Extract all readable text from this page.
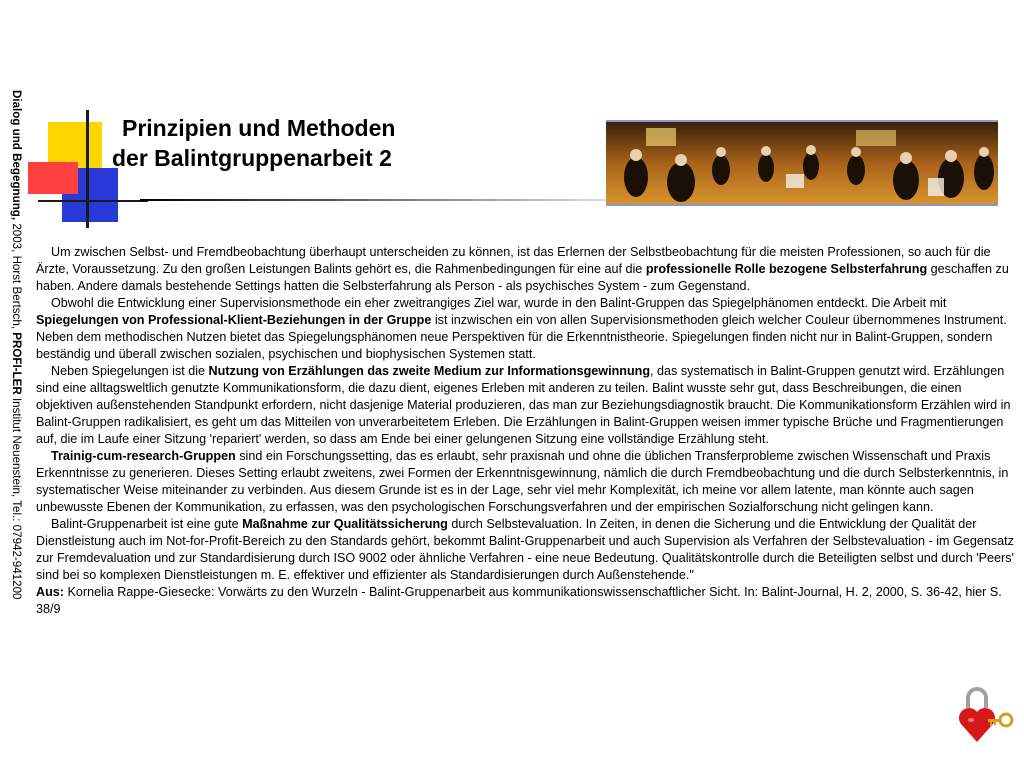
Dialog und Begegnung, 2003, Horst Bertsch, PROFI-LER Institut Neuenstein, Tel.: 07942-941200
Prinzipien und Methoden
der Balintgruppenarbeit 2

Um zwischen Selbst- und Fremdbeobachtung überhaupt unterscheiden zu können, ist das Erlernen der Selbstbeobachtung für die meisten Professionen, so auch für die Ärzte, Voraussetzung. Zu den großen Leistungen Balints gehört es, die Rahmenbedingungen für eine auf die professionelle Rolle bezogene Selbsterfahrung geschaffen zu haben. Andere damals bestehende Settings hatten die Selbsterfahrung als Person - als psychisches System - zum Gegenstand.

Obwohl die Entwicklung einer Supervisionsmethode ein eher zweitrangiges Ziel war, wurde in den Balint-Gruppen das Spiegelphänomen entdeckt. Die Arbeit mit Spiegelungen von Professional-Klient-Beziehungen in der Gruppe ist inzwischen ein von allen Supervisionsmethoden gleich welcher Couleur übernommenes Instrument. Neben dem methodischen Nutzen bietet das Spiegelungsphänomen neue Perspektiven für die Erkenntnistheorie. Spiegelungen finden nicht nur in Balint-Gruppen, sondern beständig und überall zwischen sozialen, psychischen und biophysischen Systemen statt.

Neben Spiegelungen ist die Nutzung von Erzählungen das zweite Medium zur Informationsgewinnung, das systematisch in Balint-Gruppen genutzt wird. Erzählungen sind eine alltagsweltlich genutzte Kommunikationsform, die dazu dient, eigenes Erleben mit anderen zu teilen. Balint wusste sehr gut, dass Beschreibungen, die einen objektiven außenstehenden Standpunkt erfordern, nicht dasjenige Material produzieren, das man zur Beziehungsdiagnostik braucht. Die Kommunikationsform Erzählen wird in Balint-Gruppen radikalisiert, es geht um das Mitteilen von unverarbeitetem Erleben. Die Erzählungen in Balint-Gruppen weisen immer typische Brüche und Fragmentierungen auf, die im Laufe einer Sitzung 'repariert' werden, so dass am Ende bei einer gelungenen Sitzung eine vollständige Erzählung steht.

Trainig-cum-research-Gruppen sind ein Forschungssetting, das es erlaubt, sehr praxisnah und ohne die üblichen Transferprobleme zwischen Wissenschaft und Praxis Erkenntnisse zu generieren. Dieses Setting erlaubt zweitens, zwei Formen der Erkenntnisgewinnung, nämlich die durch Fremdbeobachtung und die durch Selbsterkenntnis, in systematischer Weise miteinander zu verbinden. Aus diesem Grunde ist es in der Lage, sehr viel mehr Komplexität, ich meine vor allem latente, man könnte auch sagen unbewusste Ebenen der Kommunikation, zu erfassen, was den psychologischen Forschungsverfahren und der empirischen Sozialforschung nicht gelingen kann.

Balint-Gruppenarbeit ist eine gute Maßnahme zur Qualitätssicherung durch Selbstevaluation. In Zeiten, in denen die Sicherung und die Entwicklung der Qualität der Dienstleistung auch im Not-for-Profit-Bereich zu den Standards gehört, bekommt Balint-Gruppenarbeit und auch Supervision als Verfahren der Selbstevaluation - im Gegensatz zur Fremdevaluation und zur Standardisierung durch ISO 9002 oder ähnliche Verfahren - eine neue Bedeutung. Qualitätskontrolle durch die Beteiligten selbst und durch 'Peers' sind bei so komplexen Dienstleistungen m. E. effektiver und effizienter als Standardisierungen durch Außenstehende."

Aus: Kornelia Rappe-Giesecke: Vorwärts zu den Wurzeln - Balint-Gruppenarbeit aus kommunikationswissenschaftlicher Sicht. In: Balint-Journal, H. 2, 2000, S. 36-42, hier S. 38/9
